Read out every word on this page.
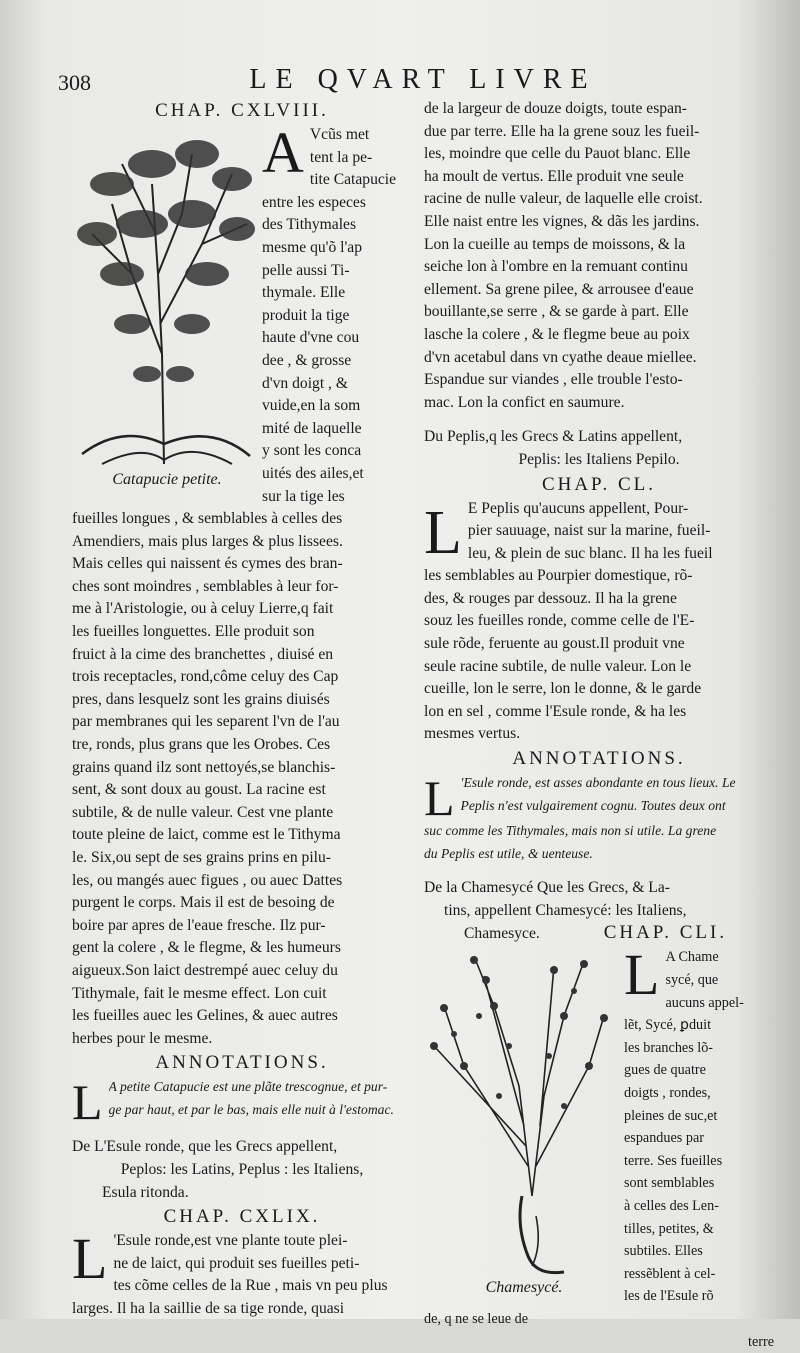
308	LE QVART LIVRE
CHAP. CXLVIII.
Catapucie petite.
A Vcũs met
tent la pe-
tite Catapucie
entre les especes
des Tithymales
mesme qu'õ l'ap
pelle aussi Ti-
thymale. Elle
produit la tige
haute d'vne cou
dee , & grosse
d'vn doigt , &
vuide,en la som
mité de laquelle
y sont les conca
uités des ailes,et
sur la tige les
fueilles longues , & semblables à celles des
Amendiers, mais plus larges & plus lissees.
Mais celles qui naissent és cymes des bran-
ches sont moindres , semblables à leur for-
me à l'Aristologie, ou à celuy Lierre,q fait
les fueilles longuettes. Elle produit son
fruict à la cime des branchettes , diuisé en
trois receptacles, rond,côme celuy des Cap
pres, dans lesquelz sont les grains diuisés
par membranes qui les separent l'vn de l'au
tre, ronds, plus grans que les Orobes. Ces
grains quand ilz sont nettoyés,se blanchis-
sent, & sont doux au goust. La racine est
subtile, & de nulle valeur. Cest vne plante
toute pleine de laict, comme est le Tithyma
le. Six,ou sept de ses grains prins en pilu-
les, ou mangés auec figues , ou auec Dattes
purgent le corps. Mais il est de besoing de
boire par apres de l'eaue fresche. Ilz pur-
gent la colere , & le flegme, & les humeurs
aigueux.Son laict destrempé auec celuy du
Tithymale, fait le mesme effect. Lon cuit
les fueilles auec les Gelines, & auec autres
herbes pour le mesme.
ANNOTATIONS.
L A petite Catapucie est une plãte trescognue, et pur-
ge par haut, et par le bas, mais elle nuit à l'estomac.
De L'Esule ronde, que les Grecs appellent,
Peplos: les Latins, Peplus : les Italiens,
Esula ritonda.
CHAP. CXLIX.
L 'Esule ronde,est vne plante toute plei-
ne de laict, qui produit ses fueilles peti-
tes cõme celles de la Rue , mais vn peu plus
larges. Il ha la saillie de sa tige ronde, quasi
de la largeur de douze doigts, toute espan-
due par terre. Elle ha la grene souz les fueil-
les, moindre que celle du Pauot blanc. Elle
ha moult de vertus. Elle produit vne seule
racine de nulle valeur, de laquelle elle croist.
Elle naist entre les vignes, & dãs les jardins.
Lon la cueille au temps de moissons, & la
seiche lon à l'ombre en la remuant continu
ellement. Sa grene pilee, & arrousee d'eaue
bouillante,se serre , & se garde à part. Elle
lasche la colere , & le flegme beue au poix
d'vn acetabul dans vn cyathe deaue miellee.
Espandue sur viandes , elle trouble l'esto-
mac. Lon la confict en saumure.
Du Peplis,q les Grecs & Latins appellent,
Peplis: les Italiens Pepilo.
CHAP. CL.
L E Peplis qu'aucuns appellent, Pour-
pier sauuage, naist sur la marine, fueil-
leu, & plein de suc blanc. Il ha les fueil
les semblables au Pourpier domestique, rõ-
des, & rouges par dessouz. Il ha la grene
souz les fueilles ronde, comme celle de l'E-
sule rõde, feruente au goust.Il produit vne
seule racine subtile, de nulle valeur. Lon le
cueille, lon le serre, lon le donne, & le garde
lon en sel , comme l'Esule ronde, & ha les
mesmes vertus.
ANNOTATIONS.
L 'Esule ronde, est asses abondante en tous lieux. Le
Peplis n'est vulgairement cognu. Toutes deux ont
suc comme les Tithymales, mais non si utile. La grene
du Peplis est utile, & uenteuse.
De la Chamesycé Que les Grecs, & La-
tins, appellent Chamesycé: les Italiens,
Chamesyce.	CHAP. CLI.
Chamesycé.
L A Chame
sycé, que
aucuns appel-
lẽt, Sycé, ꝑduit
les branches lõ-
gues de quatre
doigts , rondes,
pleines de suc,et
espandues par
terre. Ses fueilles
sont semblables
à celles des Len-
tilles, petites, &
subtiles. Elles
ressẽblent à cel-
les de l'Esule rõ
de, q ne se leue de
terre
